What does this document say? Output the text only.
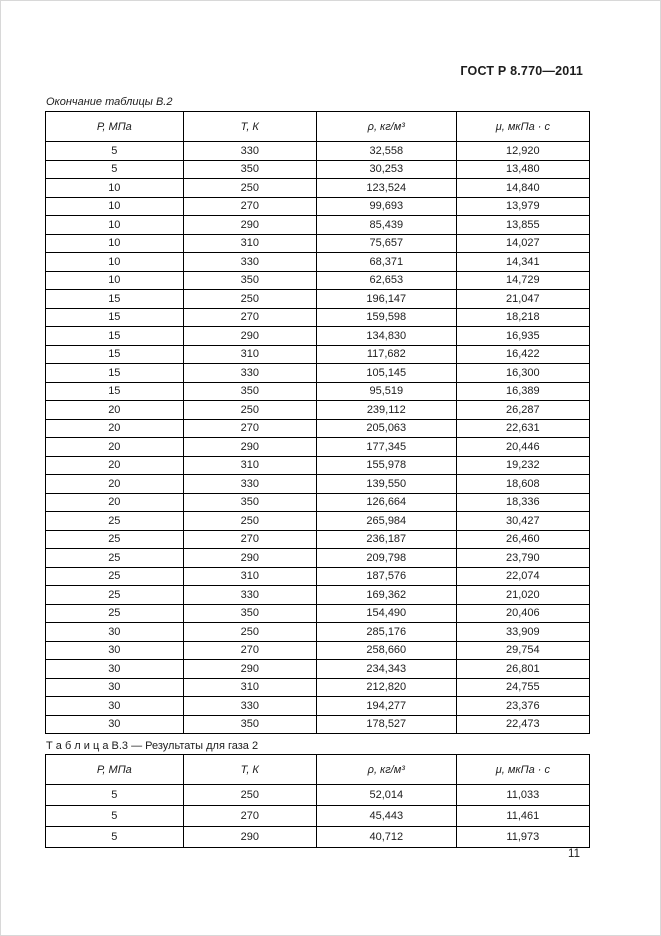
ГОСТ Р 8.770—2011
Окончание таблицы В.2
Р, МПа	Т, К	ρ, кг/м³	μ, мкПа · с
5	330	32,558	12,920
5	350	30,253	13,480
10	250	123,524	14,840
10	270	99,693	13,979
10	290	85,439	13,855
10	310	75,657	14,027
10	330	68,371	14,341
10	350	62,653	14,729
15	250	196,147	21,047
15	270	159,598	18,218
15	290	134,830	16,935
15	310	117,682	16,422
15	330	105,145	16,300
15	350	95,519	16,389
20	250	239,112	26,287
20	270	205,063	22,631
20	290	177,345	20,446
20	310	155,978	19,232
20	330	139,550	18,608
20	350	126,664	18,336
25	250	265,984	30,427
25	270	236,187	26,460
25	290	209,798	23,790
25	310	187,576	22,074
25	330	169,362	21,020
25	350	154,490	20,406
30	250	285,176	33,909
30	270	258,660	29,754
30	290	234,343	26,801
30	310	212,820	24,755
30	330	194,277	23,376
30	350	178,527	22,473
Т а б л и ц а В.3 — Результаты для газа 2
Р, МПа	Т, К	ρ, кг/м³	μ, мкПа · с
5	250	52,014	11,033
5	270	45,443	11,461
5	290	40,712	11,973
11
